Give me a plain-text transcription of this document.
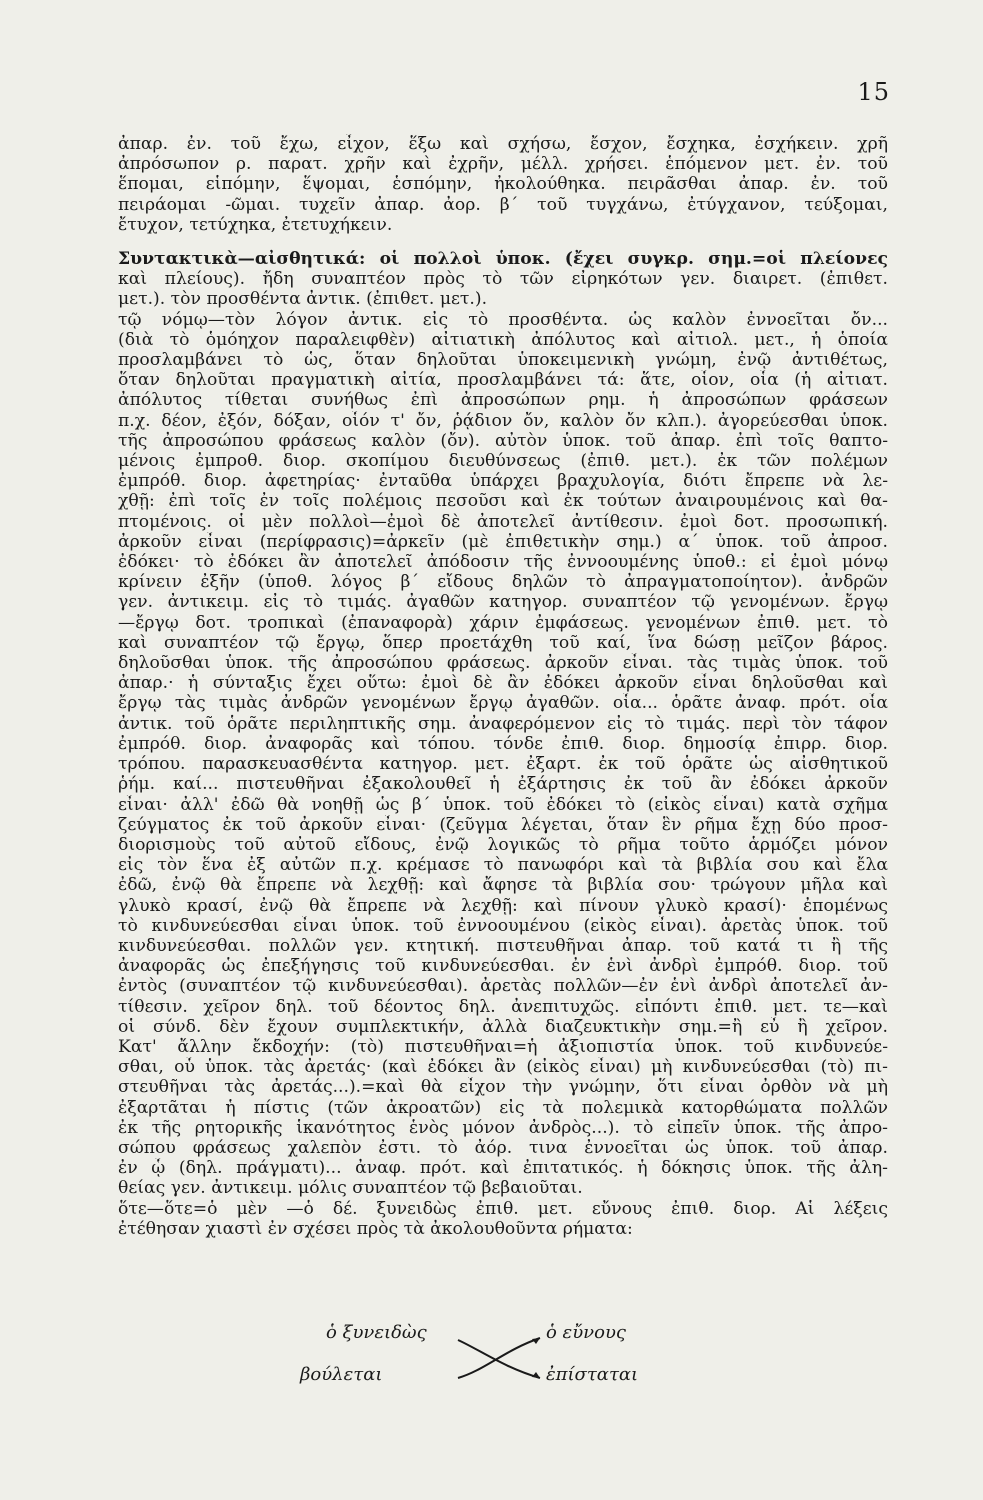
15
ἀπαρ. ἐν. τοῦ ἔχω, εἶχον, ἕξω καὶ σχήσω, ἔσχον, ἔσχηκα, ἐσχήκειν. χρῆ
ἀπρόσωπον ρ. παρατ. χρῆν καὶ ἐχρῆν, μέλλ. χρήσει. ἑπόμενον μετ. ἐν. τοῦ
ἕπομαι, εἱπόμην, ἕψομαι, ἑσπόμην, ἠκολούθηκα. πειρᾶσθαι ἀπαρ. ἐν. τοῦ
πειράομαι -ῶμαι. τυχεῖν ἀπαρ. ἀορ. β΄ τοῦ τυγχάνω, ἐτύγχανον, τεύξομαι,
ἔτυχον, τετύχηκα, ἐτετυχήκειν.
Συντακτικὰ—αἰσθητικά: οἱ πολλοὶ ὑποκ. (ἔχει συγκρ. σημ.=οἱ πλείονες
καὶ πλείους). ἤδη συναπτέον πρὸς τὸ τῶν εἰρηκότων γεν. διαιρετ. (ἐπιθετ.
μετ.). τὸν προσθέντα ἀντικ. (ἐπιθετ. μετ.).
τῷ νόμῳ—τὸν λόγον ἀντικ. εἰς τὸ προσθέντα. ὡς καλὸν ἐννοεῖται ὄν...
(διὰ τὸ ὁμόηχον παραλειφθὲν) αἰτιατικὴ ἀπόλυτος καὶ αἰτιολ. μετ., ἡ ὁποία
προσλαμβάνει τὸ ὡς, ὅταν δηλοῦται ὑποκειμενικὴ γνώμη, ἐνῷ ἀντιθέτως,
ὅταν δηλοῦται πραγματικὴ αἰτία, προσλαμβάνει τά: ἅτε, οἷον, οἷα (ἡ αἰτιατ.
ἀπόλυτος τίθεται συνήθως ἐπὶ ἀπροσώπων ρημ. ἡ ἀπροσώπων φράσεων
π.χ. δέον, ἐξόν, δόξαν, οἷόν τ' ὄν, ῥᾴδιον ὄν, καλὸν ὄν κλπ.). ἀγορεύεσθαι ὑποκ.
τῆς ἀπροσώπου φράσεως καλὸν (ὄν). αὐτὸν ὑποκ. τοῦ ἀπαρ. ἐπὶ τοῖς θαπτο-
μένοις ἐμπροθ. διορ. σκοπίμου διευθύνσεως (ἐπιθ. μετ.). ἐκ τῶν πολέμων
ἐμπρόθ. διορ. ἀφετηρίας· ἐνταῦθα ὑπάρχει βραχυλογία, διότι ἔπρεπε νὰ λε-
χθῇ: ἐπὶ τοῖς ἐν τοῖς πολέμοις πεσοῦσι καὶ ἐκ τούτων ἀναιρουμένοις καὶ θα-
πτομένοις. οἱ μὲν πολλοὶ—ἐμοὶ δὲ ἀποτελεῖ ἀντίθεσιν. ἐμοὶ δοτ. προσωπική.
ἀρκοῦν εἶναι (περίφρασις)=ἀρκεῖν (μὲ ἐπιθετικὴν σημ.) α΄ ὑποκ. τοῦ ἀπροσ.
ἐδόκει· τὸ ἐδόκει ἂν ἀποτελεῖ ἀπόδοσιν τῆς ἐννοουμένης ὑποθ.: εἰ ἐμοὶ μόνῳ
κρίνειν ἐξῆν (ὑποθ. λόγος β΄ εἴδους δηλῶν τὸ ἀπραγματοποίητον). ἀνδρῶν
γεν. ἀντικειμ. εἰς τὸ τιμάς. ἀγαθῶν κατηγορ. συναπτέον τῷ γενομένων. ἔργῳ
—ἔργῳ δοτ. τροπικαὶ (ἐπαναφορὰ) χάριν ἐμφάσεως. γενομένων ἐπιθ. μετ. τὸ
καὶ συναπτέον τῷ ἔργῳ, ὅπερ προετάχθη τοῦ καί, ἵνα δώσῃ μεῖζον βάρος.
δηλοῦσθαι ὑποκ. τῆς ἀπροσώπου φράσεως. ἀρκοῦν εἶναι. τὰς τιμὰς ὑποκ. τοῦ
ἀπαρ.· ἡ σύνταξις ἔχει οὕτω: ἐμοὶ δὲ ἂν ἐδόκει ἀρκοῦν εἶναι δηλοῦσθαι καὶ
ἔργῳ τὰς τιμὰς ἀνδρῶν γενομένων ἔργῳ ἀγαθῶν. οἷα... ὁρᾶτε ἀναφ. πρότ. οἷα
ἀντικ. τοῦ ὁρᾶτε περιληπτικῆς σημ. ἀναφερόμενον εἰς τὸ τιμάς. περὶ τὸν τάφον
ἐμπρόθ. διορ. ἀναφορᾶς καὶ τόπου. τόνδε ἐπιθ. διορ. δημοσίᾳ ἐπιρρ. διορ.
τρόπου. παρασκευασθέντα κατηγορ. μετ. ἐξαρτ. ἐκ τοῦ ὁρᾶτε ὡς αἰσθητικοῦ
ῥήμ. καί... πιστευθῆναι ἐξακολουθεῖ ἡ ἐξάρτησις ἐκ τοῦ ἂν ἐδόκει ἀρκοῦν
εἶναι· ἀλλ' ἐδῶ θὰ νοηθῇ ὡς β΄ ὑποκ. τοῦ ἐδόκει τὸ (εἰκὸς εἶναι) κατὰ σχῆμα
ζεύγματος ἐκ τοῦ ἀρκοῦν εἶναι· (ζεῦγμα λέγεται, ὅταν ἓν ρῆμα ἔχῃ δύο προσ-
διορισμοὺς τοῦ αὐτοῦ εἴδους, ἐνῷ λογικῶς τὸ ρῆμα τοῦτο ἁρμόζει μόνον
εἰς τὸν ἕνα ἐξ αὐτῶν π.χ. κρέμασε τὸ πανωφόρι καὶ τὰ βιβλία σου καὶ ἔλα
ἐδῶ, ἐνῷ θὰ ἔπρεπε νὰ λεχθῇ: καὶ ἄφησε τὰ βιβλία σου· τρώγουν μῆλα καὶ
γλυκὸ κρασί, ἐνῷ θὰ ἔπρεπε νὰ λεχθῇ: καὶ πίνουν γλυκὸ κρασί)· ἐπομένως
τὸ κινδυνεύεσθαι εἶναι ὑποκ. τοῦ ἐννοουμένου (εἰκὸς εἶναι). ἀρετὰς ὑποκ. τοῦ
κινδυνεύεσθαι. πολλῶν γεν. κτητική. πιστευθῆναι ἀπαρ. τοῦ κατά τι ἢ τῆς
ἀναφορᾶς ὡς ἐπεξήγησις τοῦ κινδυνεύεσθαι. ἐν ἑνὶ ἀνδρὶ ἐμπρόθ. διορ. τοῦ
ἐντὸς (συναπτέον τῷ κινδυνεύεσθαι). ἀρετὰς πολλῶν—ἐν ἑνὶ ἀνδρὶ ἀποτελεῖ ἀν-
τίθεσιν. χεῖρον δηλ. τοῦ δέοντος δηλ. ἀνεπιτυχῶς. εἰπόντι ἐπιθ. μετ. τε—καὶ
οἱ σύνδ. δὲν ἔχουν συμπλεκτικήν, ἀλλὰ διαζευκτικὴν σημ.=ἢ εὖ ἢ χεῖρον.
Κατ' ἄλλην ἔκδοχήν: (τὸ) πιστευθῆναι=ἡ ἀξιοπιστία ὑποκ. τοῦ κινδυνεύε-
σθαι, οὗ ὑποκ. τὰς ἀρετάς· (καὶ ἐδόκει ἂν (εἰκὸς εἶναι) μὴ κινδυνεύεσθαι (τὸ) πι-
στευθῆναι τὰς ἀρετάς...).=καὶ θὰ εἶχον τὴν γνώμην, ὅτι εἶναι ὀρθὸν νὰ μὴ
ἐξαρτᾶται ἡ πίστις (τῶν ἀκροατῶν) εἰς τὰ πολεμικὰ κατορθώματα πολλῶν
ἐκ τῆς ρητορικῆς ἱκανότητος ἑνὸς μόνον ἀνδρὸς...). τὸ εἰπεῖν ὑποκ. τῆς ἀπρο-
σώπου φράσεως χαλεπὸν ἐστι. τὸ ἀόρ. τινα ἐννοεῖται ὡς ὑποκ. τοῦ ἀπαρ.
ἐν ᾧ (δηλ. πράγματι)... ἀναφ. πρότ. καὶ ἐπιτατικός. ἡ δόκησις ὑποκ. τῆς ἀλη-
θείας γεν. ἀντικειμ. μόλις συναπτέον τῷ βεβαιοῦται.
ὅτε—ὅτε=ὁ μὲν —ὁ δέ. ξυνειδὼς ἐπιθ. μετ. εὔνους ἐπιθ. διορ. Αἱ λέξεις
ἐτέθησαν χιαστὶ ἐν σχέσει πρὸς τὰ ἀκολουθοῦντα ρήματα:
ὁ ξυνειδὼς	ὁ εὔνους
βούλεται	ἐπίσταται
